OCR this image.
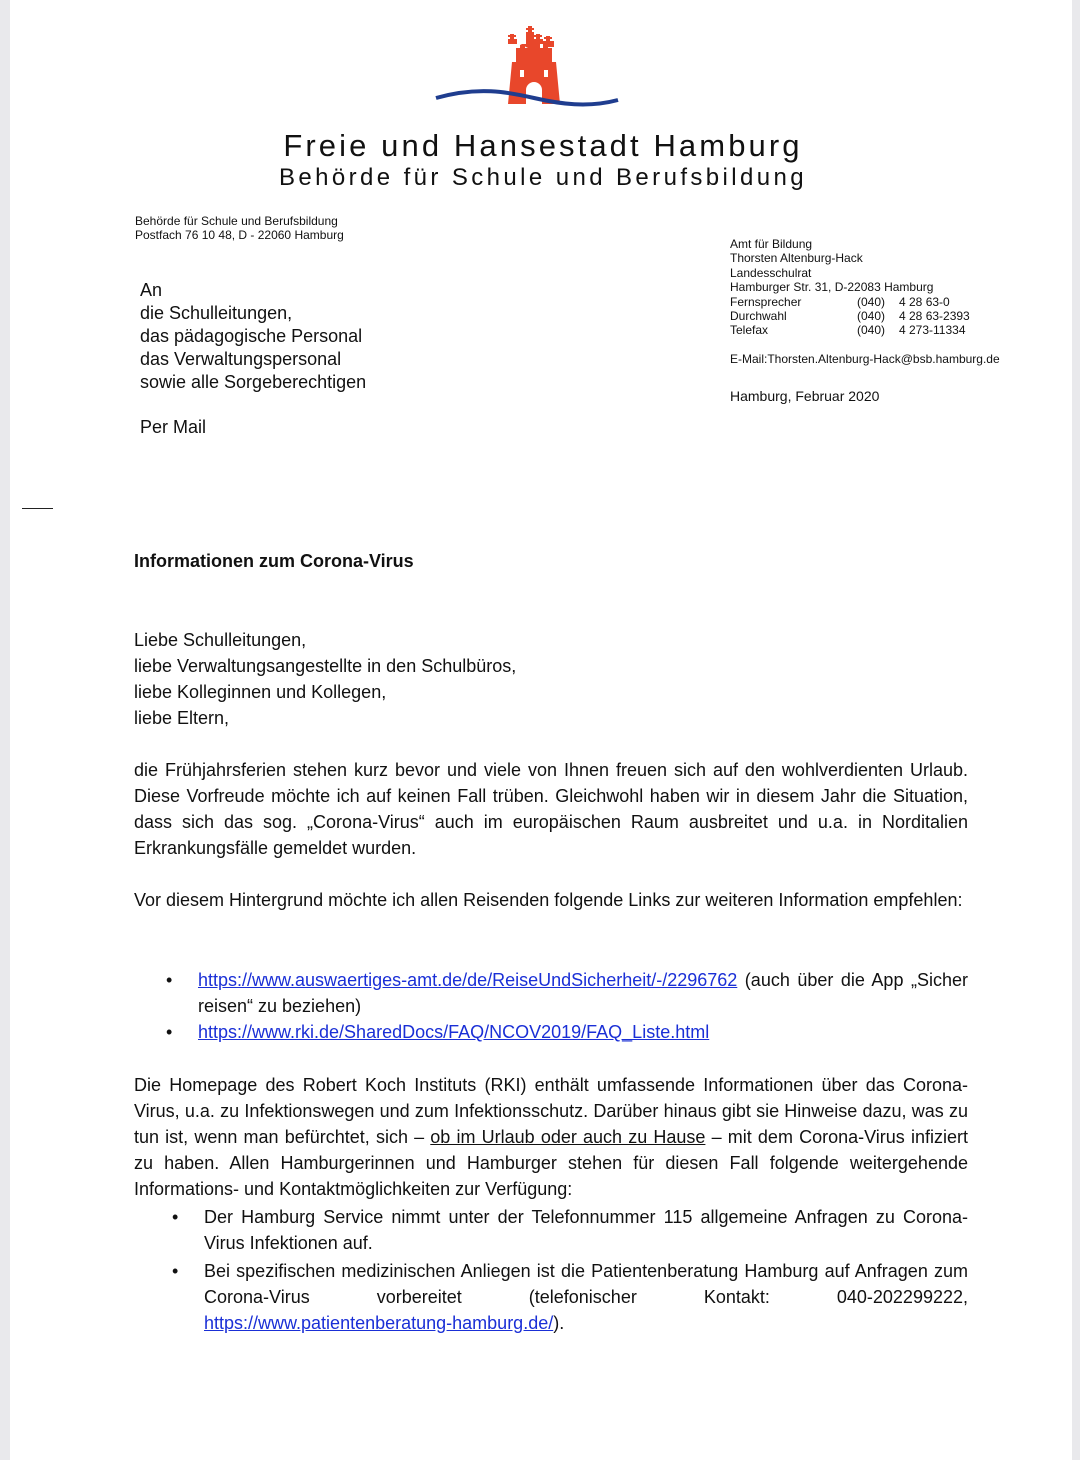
Freie und Hansestadt Hamburg
Behörde für Schule und Berufsbildung
Behörde für Schule und Berufsbildung
Postfach 76 10 48, D - 22060 Hamburg
Amt für Bildung
Thorsten Altenburg-Hack
Landesschulrat
Hamburger Str. 31, D-22083 Hamburg
Fernsprecher	(040)	4 28 63-0
Durchwahl	(040)	4 28 63-2393
Telefax	(040)	4 273-11334
E-Mail:Thorsten.Altenburg-Hack@bsb.hamburg.de
Hamburg, Februar 2020
An
die Schulleitungen,
das pädagogische Personal
das Verwaltungspersonal
sowie alle Sorgeberechtigen
Per Mail
Informationen zum Corona-Virus
Liebe Schulleitungen,
liebe Verwaltungsangestellte in den Schulbüros,
liebe Kolleginnen und Kollegen,
liebe Eltern,
die Frühjahrsferien stehen kurz bevor und viele von Ihnen freuen sich auf den wohlverdienten Urlaub. Diese Vorfreude möchte ich auf keinen Fall trüben. Gleichwohl haben wir in diesem Jahr die Situation, dass sich das sog. „Corona-Virus“ auch im europäischen Raum ausbreitet und u.a. in Norditalien Erkrankungsfälle gemeldet wurden.
Vor diesem Hintergrund möchte ich allen Reisenden folgende Links zur weiteren Information empfehlen:
• https://www.auswaertiges-amt.de/de/ReiseUndSicherheit/-/2296762 (auch über die App „Sicher reisen“ zu beziehen)
• https://www.rki.de/SharedDocs/FAQ/NCOV2019/FAQ_Liste.html
Die Homepage des Robert Koch Instituts (RKI) enthält umfassende Informationen über das Corona-Virus, u.a. zu Infektionswegen und zum Infektionsschutz. Darüber hinaus gibt sie Hinweise dazu, was zu tun ist, wenn man befürchtet, sich – ob im Urlaub oder auch zu Hause – mit dem Corona-Virus infiziert zu haben. Allen Hamburgerinnen und Hamburger stehen für diesen Fall folgende weitergehende Informations- und Kontaktmöglichkeiten zur Verfügung:
• Der Hamburg Service nimmt unter der Telefonnummer 115 allgemeine Anfragen zu Corona-Virus Infektionen auf.
• Bei spezifischen medizinischen Anliegen ist die Patientenberatung Hamburg auf Anfragen zum Corona-Virus vorbereitet (telefonischer Kontakt: 040-202299222, https://www.patientenberatung-hamburg.de/).
